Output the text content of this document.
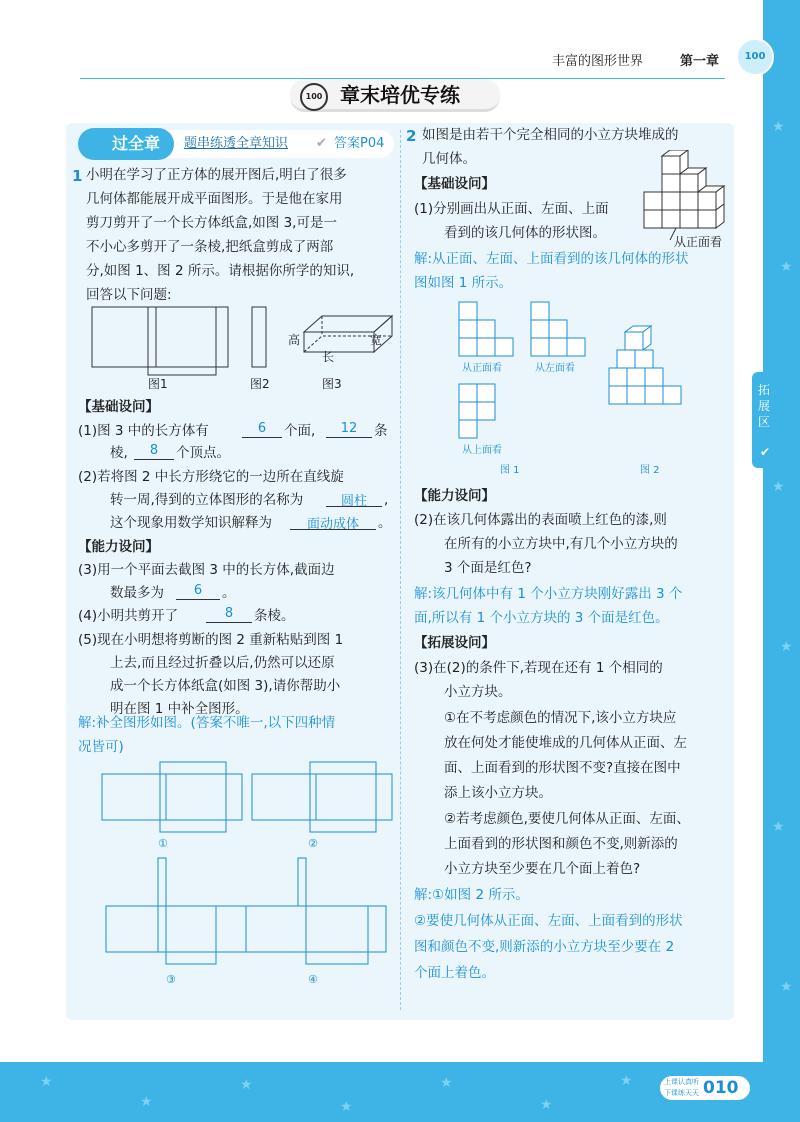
★
★
★
★
★
★
★
★
★
★
★
★
★
丰富的图形世界	第一章	100
100 章末培优专练
过全章 题串练透全章知识 ✔ 答案P04
1 小明在学习了正方体的展开图后,明白了很多
几何体都能展开成平面图形。于是他在家用
剪刀剪开了一个长方体纸盒,如图 3,可是一
不小心多剪开了一条棱,把纸盒剪成了两部
分,如图 1、图 2 所示。请根据你所学的知识,
回答以下问题:
高
长
宽
图1	图2	图3
【基础设问】
(1)图 3 中的长方体有	6	个面,	12	条
棱,	8	个顶点。
(2)若将图 2 中长方形绕它的一边所在直线旋
转一周,得到的立体图形的名称为	圆柱	,
这个现象用数学知识解释为	面动成体	。
【能力设问】
(3)用一个平面去截图 3 中的长方体,截面边
数最多为	6	。
(4)小明共剪开了	8	条棱。
(5)现在小明想将剪断的图 2 重新粘贴到图 1
上去,而且经过折叠以后,仍然可以还原
成一个长方体纸盒(如图 3),请你帮助小
明在图 1 中补全图形。
解:补全图形如图。(答案不唯一,以下四种情
况皆可)
①	②
③	④
2 如图是由若干个完全相同的小立方块堆成的
几何体。
【基础设问】
(1)分别画出从正面、左面、上面
看到的该几何体的形状图。
从正面看
解:从正面、左面、上面看到的该几何体的形状
图如图 1 所示。
从正面看	从左面看
从上面看
图 1	图 2
【能力设问】
(2)在该几何体露出的表面喷上红色的漆,则
在所有的小立方块中,有几个小立方块的
3 个面是红色?
解:该几何体中有 1 个小立方块刚好露出 3 个
面,所以有 1 个小立方块的 3 个面是红色。
【拓展设问】
(3)在(2)的条件下,若现在还有 1 个相同的
小立方块。
①在不考虑颜色的情况下,该小立方块应
放在何处才能使堆成的几何体从正面、左
面、上面看到的形状图不变?直接在图中
添上该小立方块。
②若考虑颜色,要使几何体从正面、左面、
上面看到的形状图和颜色不变,则新添的
小立方块至少要在几个面上着色?
解:①如图 2 所示。
②要使几何体从正面、左面、上面看到的形状
图和颜色不变,则新添的小立方块至少要在 2
个面上着色。
拓展区
✔
上课认真听
下课练天天 010
